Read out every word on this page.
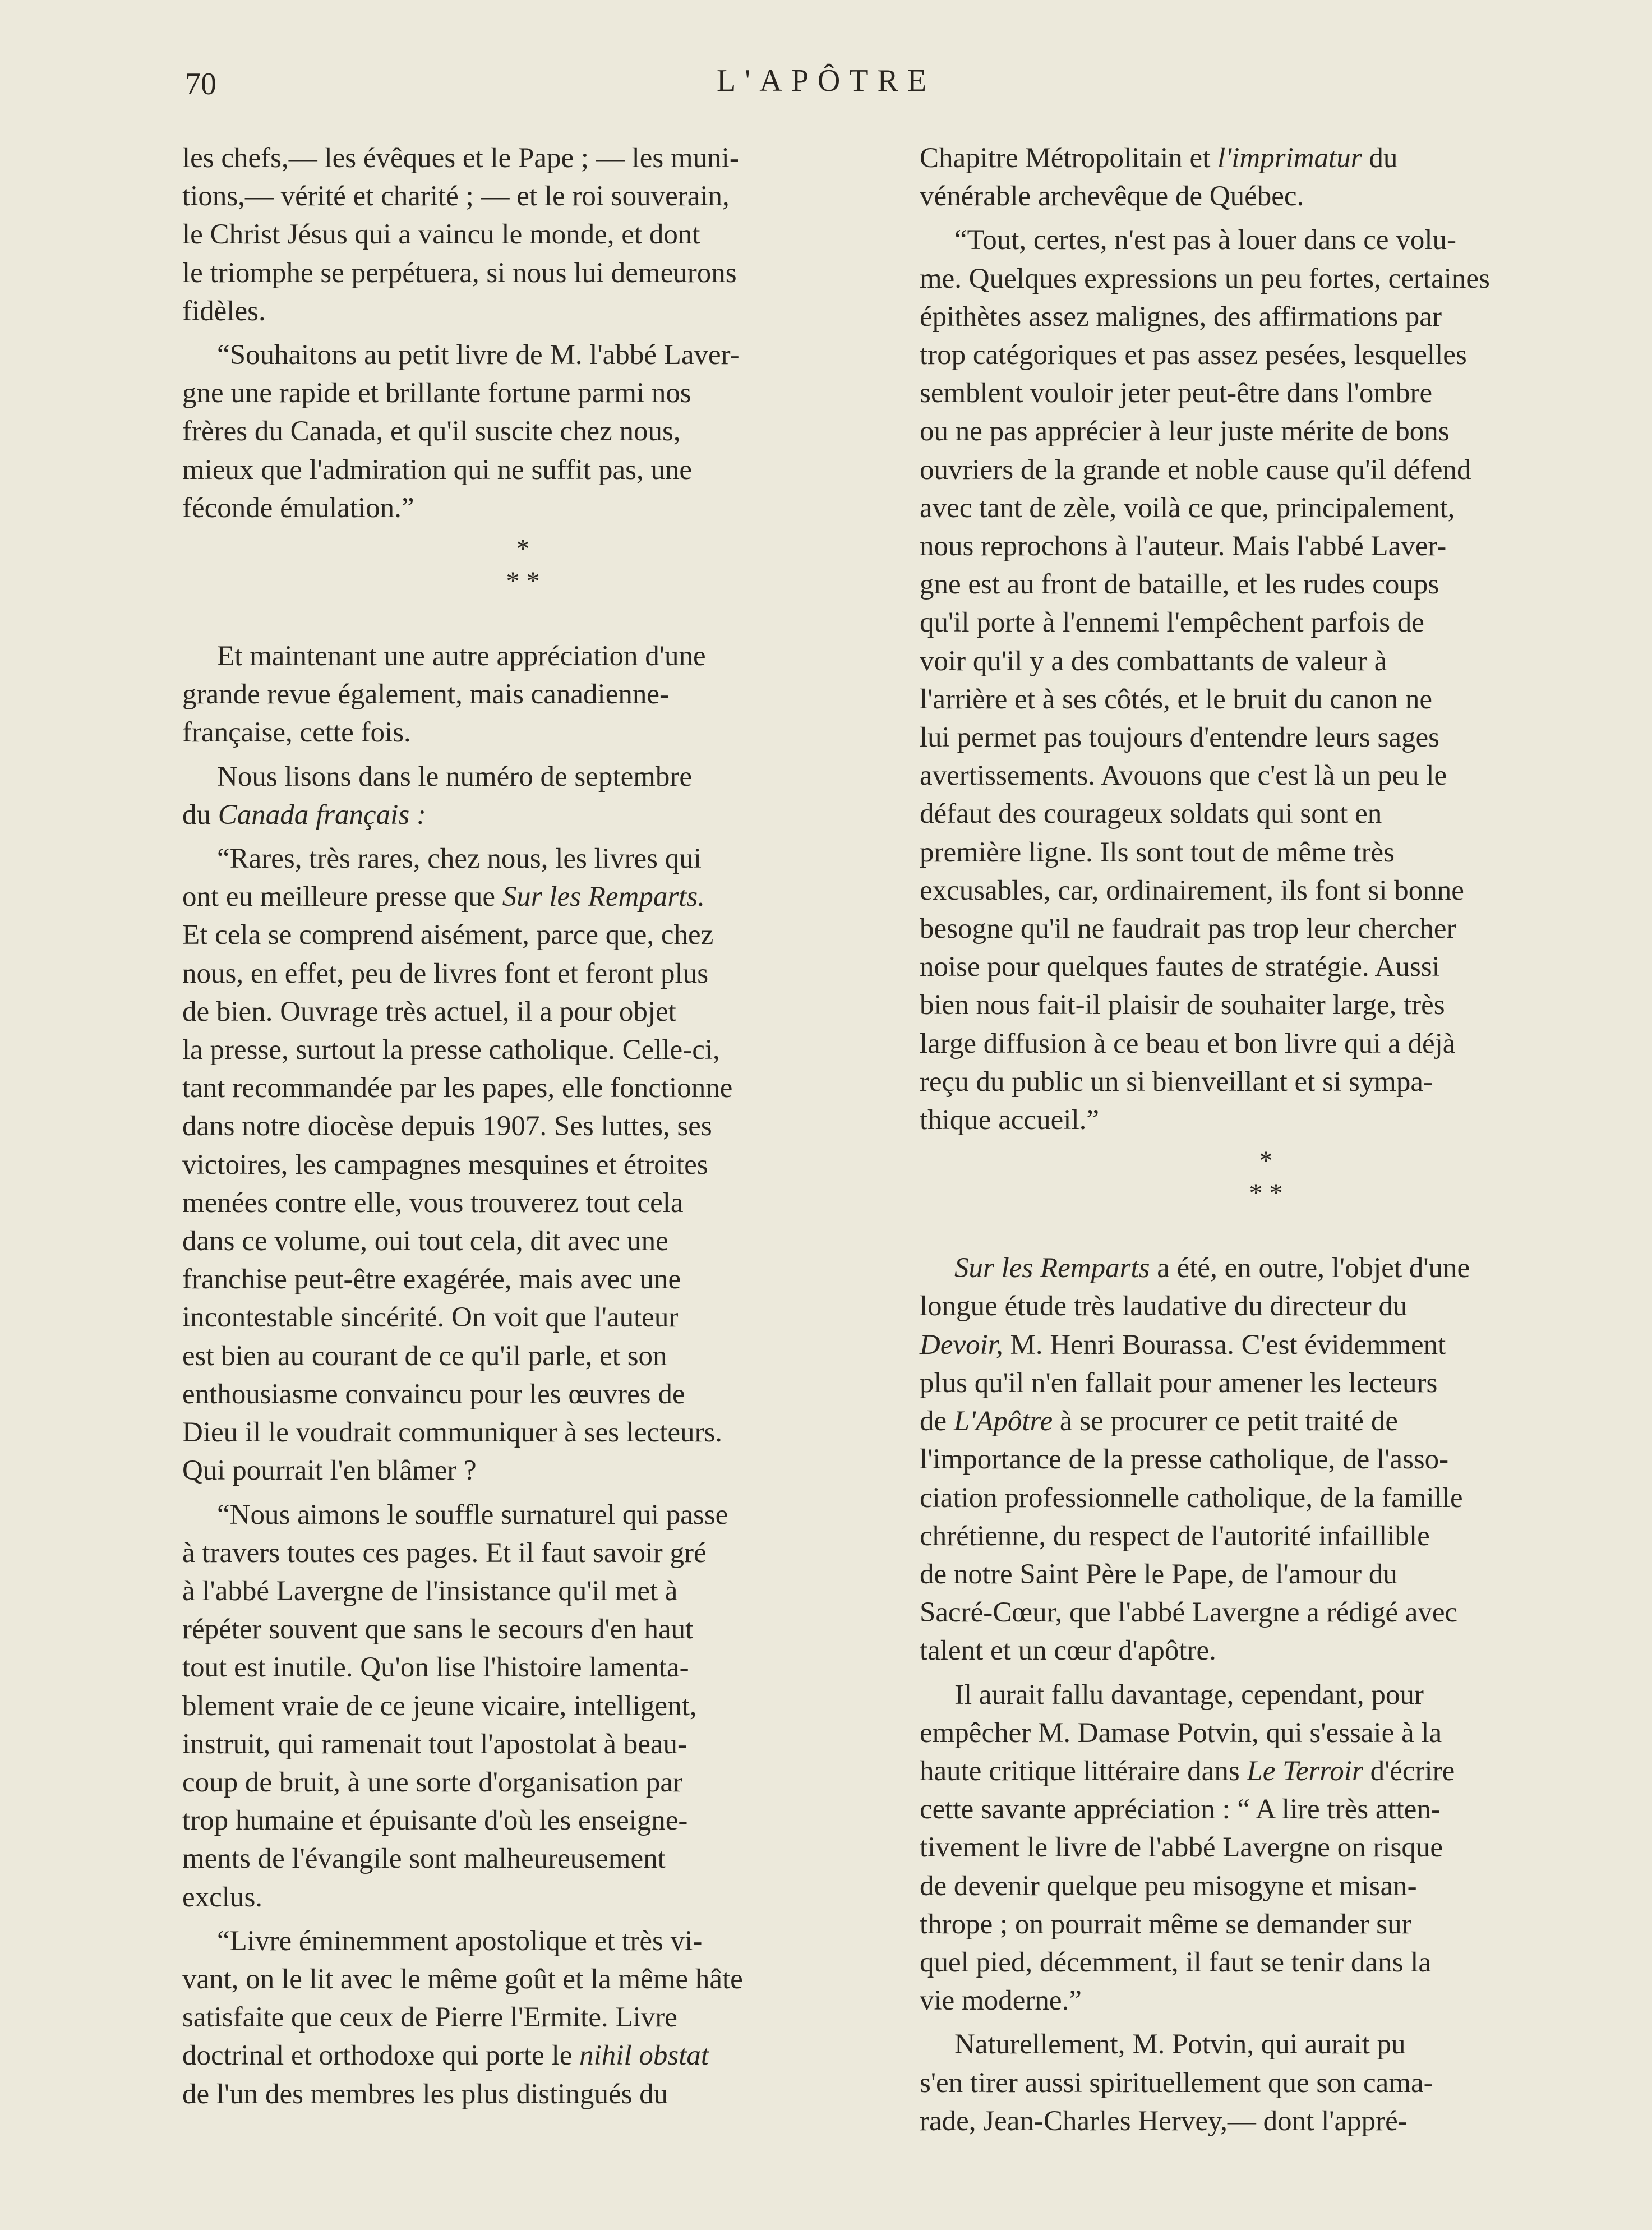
70	L'APÔTRE

les chefs,— les évêques et le Pape ; — les muni-
tions,— vérité et charité ; — et le roi souverain,
le Christ Jésus qui a vaincu le monde, et dont
le triomphe se perpétuera, si nous lui demeurons
fidèles.

“Souhaitons au petit livre de M. l'abbé Laver-
gne une rapide et brillante fortune parmi nos
frères du Canada, et qu'il suscite chez nous,
mieux que l'admiration qui ne suffit pas, une
féconde émulation.”

*
* *

Et maintenant une autre appréciation d'une
grande revue également, mais canadienne-
française, cette fois.

Nous lisons dans le numéro de septembre
du Canada français :

“Rares, très rares, chez nous, les livres qui
ont eu meilleure presse que Sur les Remparts.
Et cela se comprend aisément, parce que, chez
nous, en effet, peu de livres font et feront plus
de bien. Ouvrage très actuel, il a pour objet
la presse, surtout la presse catholique. Celle-ci,
tant recommandée par les papes, elle fonctionne
dans notre diocèse depuis 1907. Ses luttes, ses
victoires, les campagnes mesquines et étroites
menées contre elle, vous trouverez tout cela
dans ce volume, oui tout cela, dit avec une
franchise peut-être exagérée, mais avec une
incontestable sincérité. On voit que l'auteur
est bien au courant de ce qu'il parle, et son
enthousiasme convaincu pour les œuvres de
Dieu il le voudrait communiquer à ses lecteurs.
Qui pourrait l'en blâmer ?

“Nous aimons le souffle surnaturel qui passe
à travers toutes ces pages. Et il faut savoir gré
à l'abbé Lavergne de l'insistance qu'il met à
répéter souvent que sans le secours d'en haut
tout est inutile. Qu'on lise l'histoire lamenta-
blement vraie de ce jeune vicaire, intelligent,
instruit, qui ramenait tout l'apostolat à beau-
coup de bruit, à une sorte d'organisation par
trop humaine et épuisante d'où les enseigne-
ments de l'évangile sont malheureusement
exclus.

“Livre éminemment apostolique et très vi-
vant, on le lit avec le même goût et la même hâte
satisfaite que ceux de Pierre l'Ermite. Livre
doctrinal et orthodoxe qui porte le nihil obstat
de l'un des membres les plus distingués du

Chapitre Métropolitain et l'imprimatur du
vénérable archevêque de Québec.

“Tout, certes, n'est pas à louer dans ce volu-
me. Quelques expressions un peu fortes, certaines
épithètes assez malignes, des affirmations par
trop catégoriques et pas assez pesées, lesquelles
semblent vouloir jeter peut-être dans l'ombre
ou ne pas apprécier à leur juste mérite de bons
ouvriers de la grande et noble cause qu'il défend
avec tant de zèle, voilà ce que, principalement,
nous reprochons à l'auteur. Mais l'abbé Laver-
gne est au front de bataille, et les rudes coups
qu'il porte à l'ennemi l'empêchent parfois de
voir qu'il y a des combattants de valeur à
l'arrière et à ses côtés, et le bruit du canon ne
lui permet pas toujours d'entendre leurs sages
avertissements. Avouons que c'est là un peu le
défaut des courageux soldats qui sont en
première ligne. Ils sont tout de même très
excusables, car, ordinairement, ils font si bonne
besogne qu'il ne faudrait pas trop leur chercher
noise pour quelques fautes de stratégie. Aussi
bien nous fait-il plaisir de souhaiter large, très
large diffusion à ce beau et bon livre qui a déjà
reçu du public un si bienveillant et si sympa-
thique accueil.”

*
* *

Sur les Remparts a été, en outre, l'objet d'une
longue étude très laudative du directeur du
Devoir, M. Henri Bourassa. C'est évidemment
plus qu'il n'en fallait pour amener les lecteurs
de L'Apôtre à se procurer ce petit traité de
l'importance de la presse catholique, de l'asso-
ciation professionnelle catholique, de la famille
chrétienne, du respect de l'autorité infaillible
de notre Saint Père le Pape, de l'amour du
Sacré-Cœur, que l'abbé Lavergne a rédigé avec
talent et un cœur d'apôtre.

Il aurait fallu davantage, cependant, pour
empêcher M. Damase Potvin, qui s'essaie à la
haute critique littéraire dans Le Terroir d'écrire
cette savante appréciation : “ A lire très atten-
tivement le livre de l'abbé Lavergne on risque
de devenir quelque peu misogyne et misan-
thrope ; on pourrait même se demander sur
quel pied, décemment, il faut se tenir dans la
vie moderne.”

Naturellement, M. Potvin, qui aurait pu
s'en tirer aussi spirituellement que son cama-
rade, Jean-Charles Hervey,— dont l'appré-
